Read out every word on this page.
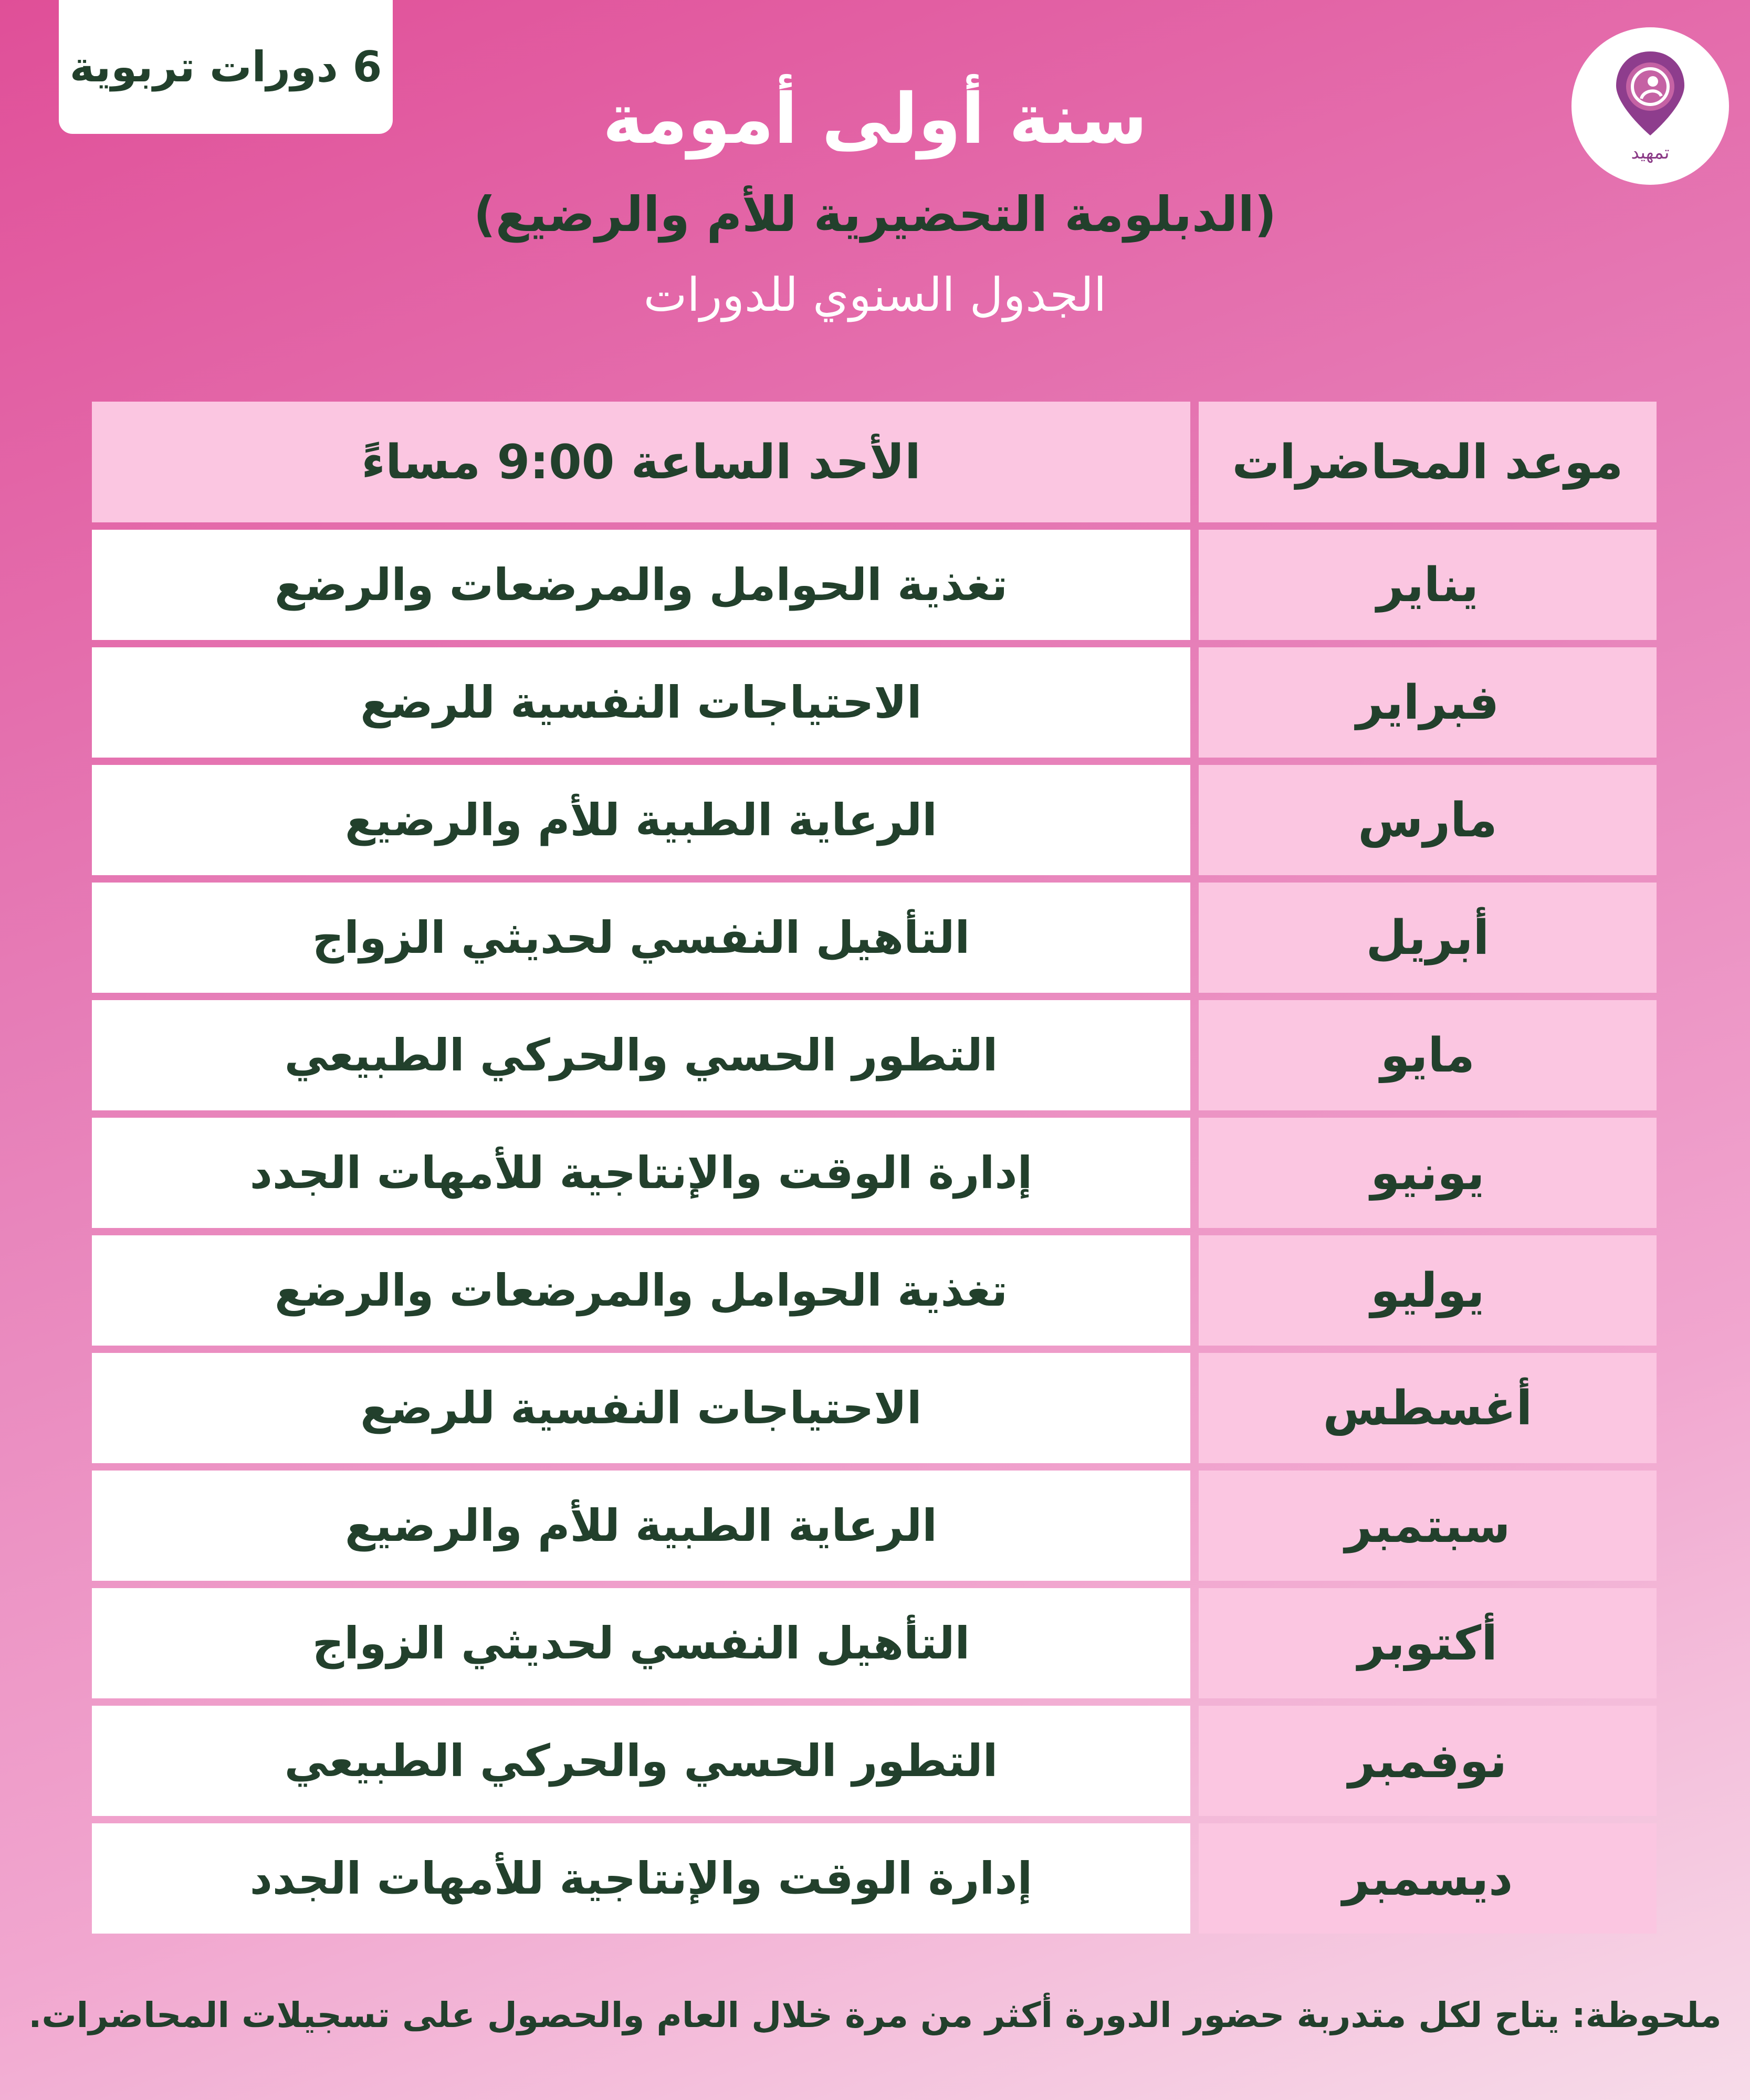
6 دورات تربوية
تمهيد
سنة أولى أمومة
(الدبلومة التحضيرية للأم والرضيع)
الجدول السنوي للدورات
موعد المحاضرات
الأحد الساعة 9:00 مساءً
يناير
تغذية الحوامل والمرضعات والرضع
فبراير
الاحتياجات النفسية للرضع
مارس
الرعاية الطبية للأم والرضيع
أبريل
التأهيل النفسي لحديثي الزواج
مايو
التطور الحسي والحركي الطبيعي
يونيو
إدارة الوقت والإنتاجية للأمهات الجدد
يوليو
تغذية الحوامل والمرضعات والرضع
أغسطس
الاحتياجات النفسية للرضع
سبتمبر
الرعاية الطبية للأم والرضيع
أكتوبر
التأهيل النفسي لحديثي الزواج
نوفمبر
التطور الحسي والحركي الطبيعي
ديسمبر
إدارة الوقت والإنتاجية للأمهات الجدد
ملحوظة: يتاح لكل متدربة حضور الدورة أكثر من مرة خلال العام والحصول على تسجيلات المحاضرات.
